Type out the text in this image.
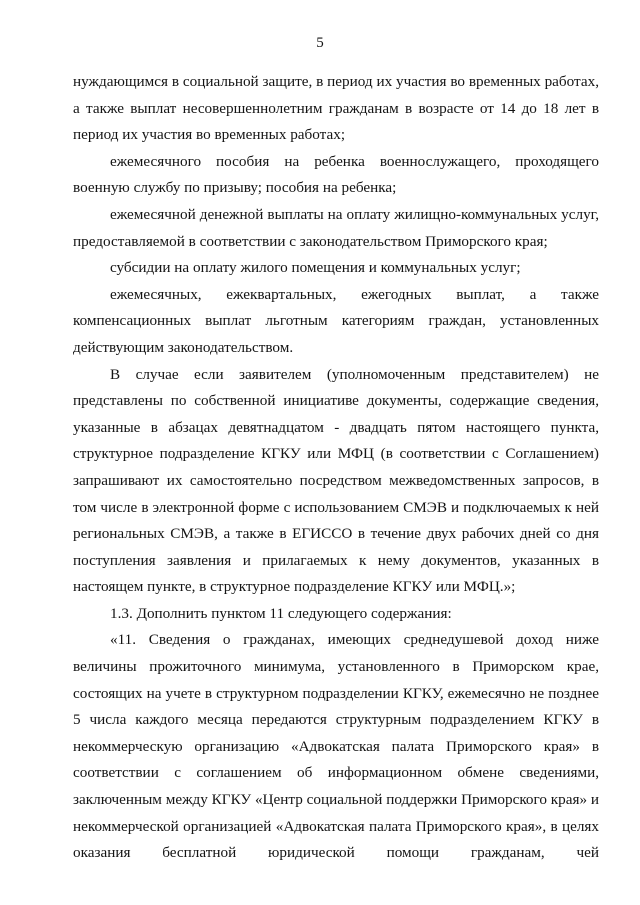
5

нуждающимся в социальной защите, в период их участия во временных работах, а также выплат несовершеннолетним гражданам в возрасте от 14 до 18 лет в период их участия во временных работах;

ежемесячного пособия на ребенка военнослужащего, проходящего военную службу по призыву; пособия на ребенка;

ежемесячной денежной выплаты на оплату жилищно-коммунальных услуг, предоставляемой в соответствии с законодательством Приморского края;

субсидии на оплату жилого помещения и коммунальных услуг;

ежемесячных, ежеквартальных, ежегодных выплат, а также компенсационных выплат льготным категориям граждан, установленных действующим законодательством.

В случае если заявителем (уполномоченным представителем) не представлены по собственной инициативе документы, содержащие сведения, указанные в абзацах девятнадцатом - двадцать пятом настоящего пункта, структурное подразделение КГКУ или МФЦ (в соответствии с Соглашением) запрашивают их самостоятельно посредством межведомственных запросов, в том числе в электронной форме с использованием СМЭВ и подключаемых к ней региональных СМЭВ, а также в ЕГИССО в течение двух рабочих дней со дня поступления заявления и прилагаемых к нему документов, указанных в настоящем пункте, в структурное подразделение КГКУ или МФЦ.»;

1.3. Дополнить пунктом 11 следующего содержания:

«11. Сведения о гражданах, имеющих среднедушевой доход ниже величины прожиточного минимума, установленного в Приморском крае, состоящих на учете в структурном подразделении КГКУ, ежемесячно не позднее 5 числа каждого месяца передаются структурным подразделением КГКУ в некоммерческую организацию «Адвокатская палата Приморского края» в соответствии с соглашением об информационном обмене сведениями, заключенным между КГКУ «Центр социальной поддержки Приморского края» и некоммерческой организацией «Адвокатская палата Приморского края», в целях оказания бесплатной юридической помощи гражданам, чей
